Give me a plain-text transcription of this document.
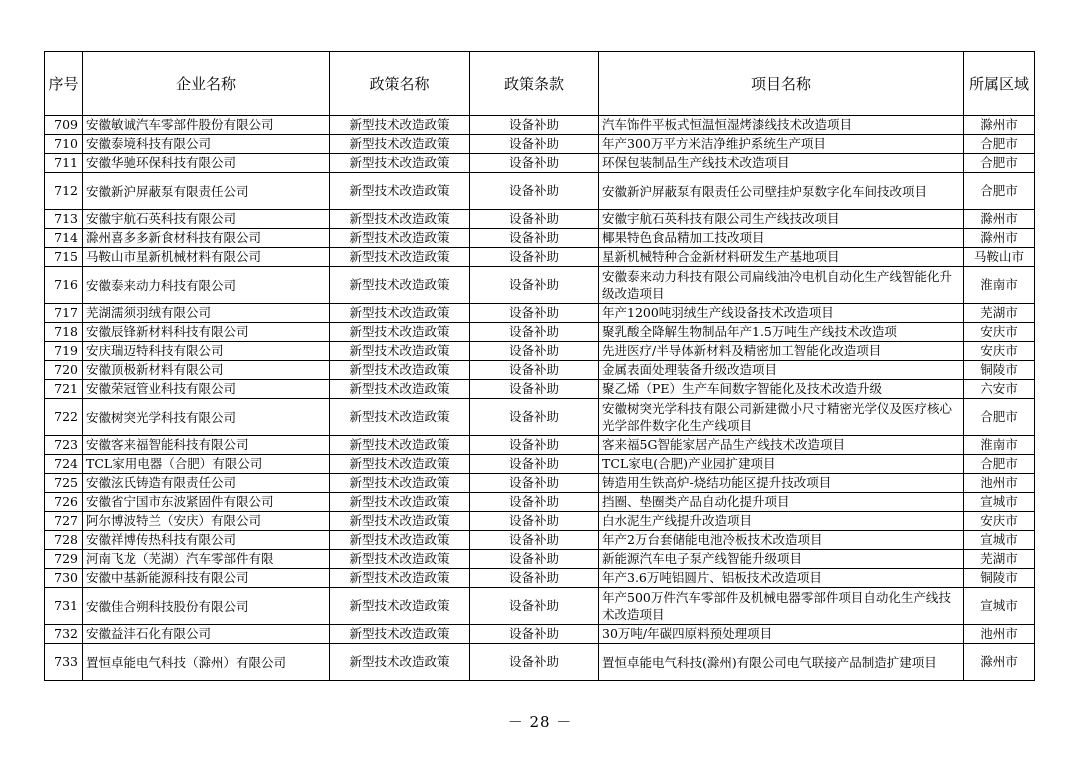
序号	企业名称	政策名称	政策条款	项目名称	所属区域
709	安徽敏诚汽车零部件股份有限公司	新型技术改造政策	设备补助	汽车饰件平板式恒温恒湿烤漆线技术改造项目	滁州市
710	安徽泰境科技有限公司	新型技术改造政策	设备补助	年产300万平方米洁净维护系统生产项目	合肥市
711	安徽华驰环保科技有限公司	新型技术改造政策	设备补助	环保包装制品生产线技术改造项目	合肥市
712	安徽新沪屏蔽泵有限责任公司	新型技术改造政策	设备补助	安徽新沪屏蔽泵有限责任公司壁挂炉泵数字化车间技改项目	合肥市
713	安徽宇航石英科技有限公司	新型技术改造政策	设备补助	安徽宇航石英科技有限公司生产线技改项目	滁州市
714	滁州喜多多新食材科技有限公司	新型技术改造政策	设备补助	椰果特色食品精加工技改项目	滁州市
715	马鞍山市星新机械材料有限公司	新型技术改造政策	设备补助	星新机械特种合金新材料研发生产基地项目	马鞍山市
716	安徽泰来动力科技有限公司	新型技术改造政策	设备补助	安徽泰来动力科技有限公司扁线油冷电机自动化生产线智能化升级改造项目	淮南市
717	芜湖濡须羽绒有限公司	新型技术改造政策	设备补助	年产1200吨羽绒生产线设备技术改造项目	芜湖市
718	安徽辰锋新材料科技有限公司	新型技术改造政策	设备补助	聚乳酸全降解生物制品年产1.5万吨生产线技术改造项	安庆市
719	安庆瑞迈特科技有限公司	新型技术改造政策	设备补助	先进医疗/半导体新材料及精密加工智能化改造项目	安庆市
720	安徽顶极新材料有限公司	新型技术改造政策	设备补助	金属表面处理装备升级改造项目	铜陵市
721	安徽荣冠管业科技有限公司	新型技术改造政策	设备补助	聚乙烯（PE）生产车间数字智能化及技术改造升级	六安市
722	安徽树突光学科技有限公司	新型技术改造政策	设备补助	安徽树突光学科技有限公司新建微小尺寸精密光学仪及医疗核心光学部件数字化生产线项目	合肥市
723	安徽客来福智能科技有限公司	新型技术改造政策	设备补助	客来福5G智能家居产品生产线技术改造项目	淮南市
724	TCL家用电器（合肥）有限公司	新型技术改造政策	设备补助	TCL家电(合肥)产业园扩建项目	合肥市
725	安徽泫氏铸造有限责任公司	新型技术改造政策	设备补助	铸造用生铁高炉-烧结功能区提升技改项目	池州市
726	安徽省宁国市东波紧固件有限公司	新型技术改造政策	设备补助	挡圈、垫圈类产品自动化提升项目	宣城市
727	阿尔博波特兰（安庆）有限公司	新型技术改造政策	设备补助	白水泥生产线提升改造项目	安庆市
728	安徽祥博传热科技有限公司	新型技术改造政策	设备补助	年产2万台套储能电池冷板技术改造项目	宣城市
729	河南飞龙（芜湖）汽车零部件有限	新型技术改造政策	设备补助	新能源汽车电子泵产线智能升级项目	芜湖市
730	安徽中基新能源科技有限公司	新型技术改造政策	设备补助	年产3.6万吨铝圆片、铝板技术改造项目	铜陵市
731	安徽佳合朔科技股份有限公司	新型技术改造政策	设备补助	年产500万件汽车零部件及机械电器零部件项目自动化生产线技术改造项目	宣城市
732	安徽益沣石化有限公司	新型技术改造政策	设备补助	30万吨/年碳四原料预处理项目	池州市
733	置恒卓能电气科技（滁州）有限公司	新型技术改造政策	设备补助	置恒卓能电气科技(滁州)有限公司电气联接产品制造扩建项目	滁州市
－ 28 －
